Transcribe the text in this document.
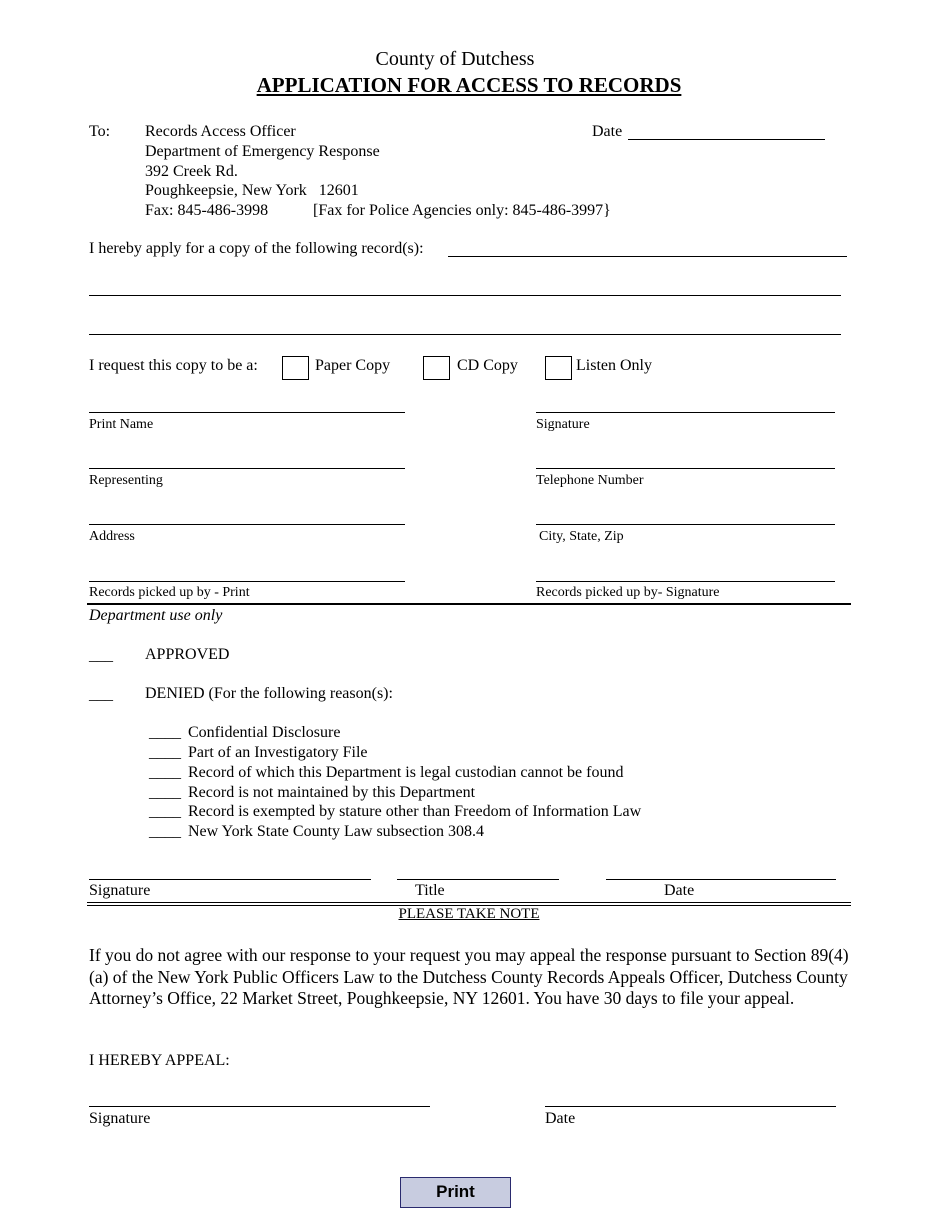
County of Dutchess
APPLICATION FOR ACCESS TO RECORDS
To: Records Access Officer
Department of Emergency Response
392 Creek Rd.
Poughkeepsie, New York   12601
Fax: 845-486-3998	[Fax for Police Agencies only: 845-486-3997}
Date
I hereby apply for a copy of the following record(s):
I request this copy to be a:	Paper Copy	CD Copy	Listen Only
Print Name	Signature
Representing	Telephone Number
Address	City, State, Zip
Records picked up by - Print	Records picked up by- Signature
Department use only
___ APPROVED
___ DENIED (For the following reason(s):
____ Confidential Disclosure
____ Part of an Investigatory File
____ Record of which this Department is legal custodian cannot be found
____ Record is not maintained by this Department
____ Record is exempted by stature other than Freedom of Information Law
____ New York State County Law subsection 308.4
Signature	Title	Date
PLEASE TAKE NOTE
If you do not agree with our response to your request you may appeal the response pursuant to Section 89(4) (a) of the New York Public Officers Law to the Dutchess County Records Appeals Officer, Dutchess County Attorney’s Office, 22 Market Street, Poughkeepsie, NY 12601. You have 30 days to file your appeal.
I HEREBY APPEAL:
Signature	Date
Print
